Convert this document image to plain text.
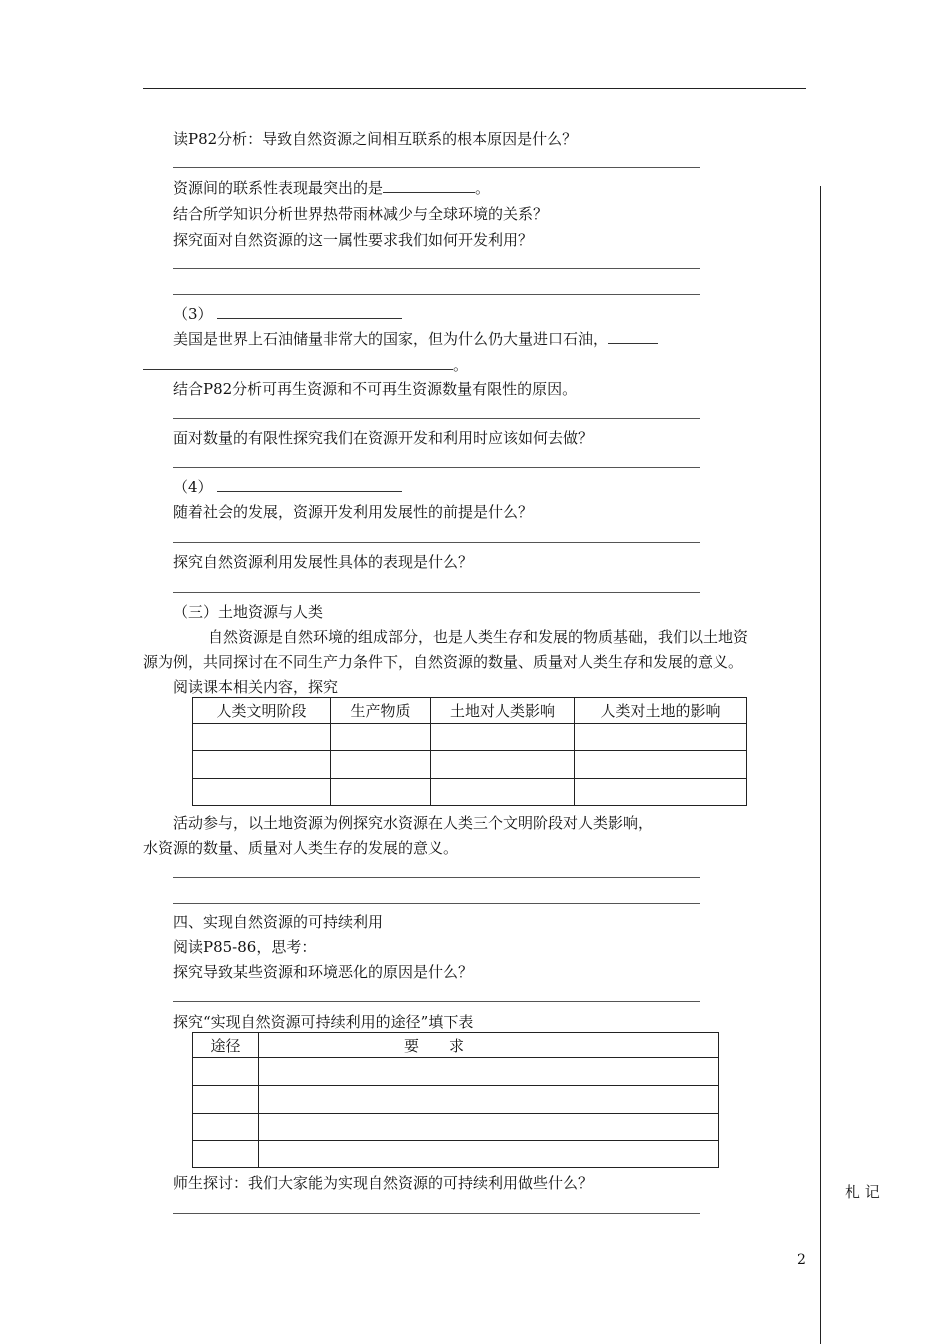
读P82分析：导致自然资源之间相互联系的根本原因是什么？
资源间的联系性表现最突出的是	。
结合所学知识分析世界热带雨林减少与全球环境的关系？
探究面对自然资源的这一属性要求我们如何开发利用？
（3）
美国是世界上石油储量非常大的国家，但为什么仍大量进口石油，
。
结合P82分析可再生资源和不可再生资源数量有限性的原因。
面对数量的有限性探究我们在资源开发和利用时应该如何去做？
（4）
随着社会的发展，资源开发利用发展性的前提是什么？
探究自然资源利用发展性具体的表现是什么？
（三）土地资源与人类
自然资源是自然环境的组成部分，也是人类生存和发展的物质基础，我们以土地资
源为例，共同探讨在不同生产力条件下，自然资源的数量、质量对人类生存和发展的意义。
阅读课本相关内容，探究
人类文明阶段	生产物质	土地对人类影响	人类对土地的影响

活动参与，以土地资源为例探究水资源在人类三个文明阶段对人类影响，
水资源的数量、质量对人类生存的发展的意义。
四、实现自然资源的可持续利用
阅读P85-86，思考：
探究导致某些资源和环境恶化的原因是什么？
探究“实现自然资源可持续利用的途径”填下表
途径	要　　求

师生探讨：我们大家能为实现自然资源的可持续利用做些什么？	札 记
2
